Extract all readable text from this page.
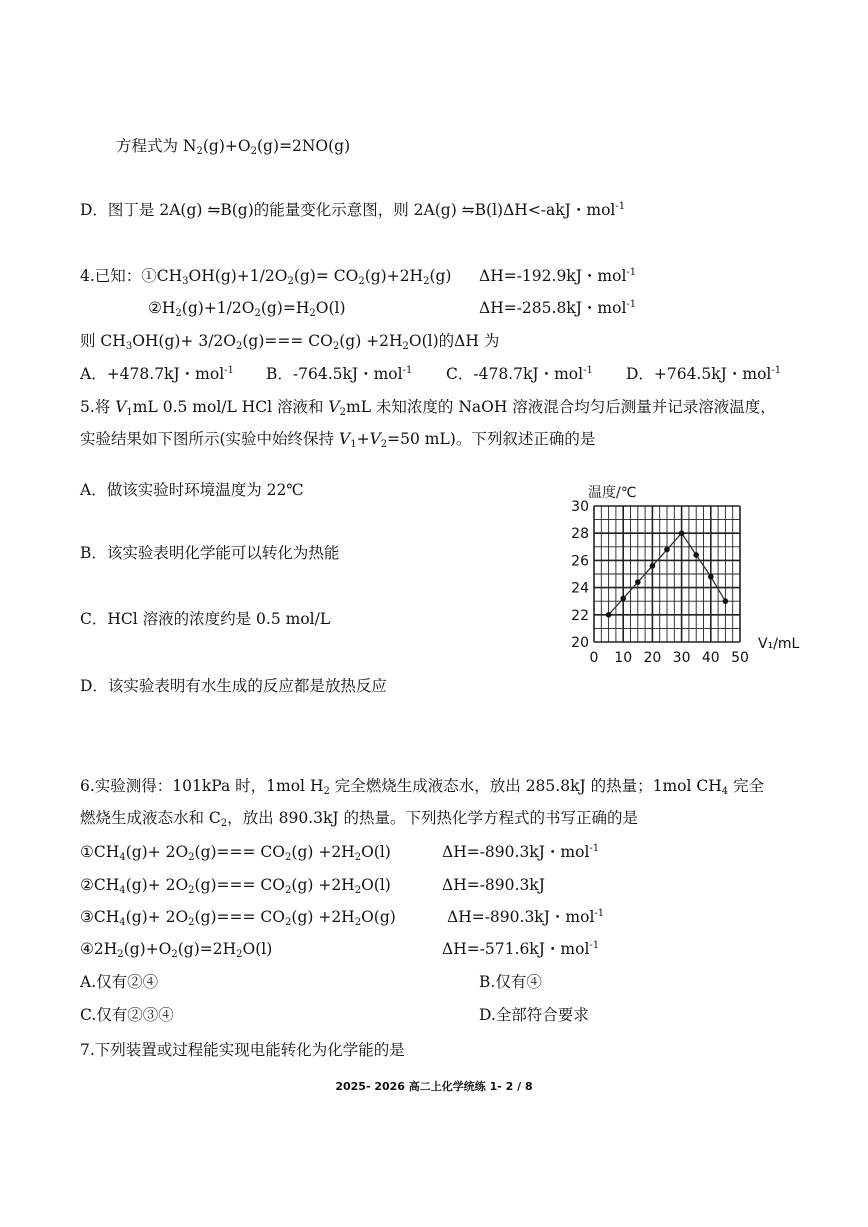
方程式为 $N_2(g)+O_2(g)=2NO(g)$
D．图丁是 2A(g) ⇋B(g)的能量变化示意图，则 2A(g) ⇋B(l)ΔH<-akJ・mol$^{-1}$
4.已知：$①CH_3OH(g)+1/2O_2(g)= CO_2(g)+2H_2(g)$ ΔH=-192.9kJ・mol$^{-1}$
$②H_2(g)+1/2O_2(g)=H_2O(l)$	ΔH=-285.8kJ・mol$^{-1}$
则 $CH_3OH(g)+ 3/2O_2(g)=== CO_2(g) +2H_2O(l)$的ΔH 为
A．+478.7kJ・mol$^{-1}$ B．-764.5kJ・mol$^{-1}$ C．-478.7kJ・mol$^{-1}$ D．+764.5kJ・mol$^{-1}$
5.将 $V_1mL$ 0.5 mol/L HCl 溶液和 $V_2mL$ 未知浓度的 NaOH 溶液混合均匀后测量并记录溶液温度，
实验结果如下图所示(实验中始终保持 $V_1+V_2=50$ mL)。下列叙述正确的是
A．做该实验时环境温度为 22℃
B．该实验表明化学能可以转化为热能
C．HCl 溶液的浓度约是 0.5 mol/L
D．该实验表明有水生成的反应都是放热反应
0 10 20 30 40 50
20
22
24
26
28
30
温度/℃
V₁/mL
6.实验测得：101kPa 时，1mol $H_2$ 完全燃烧生成液态水，放出 285.8kJ 的热量；1mol $CH_4$ 完全
燃烧生成液态水和 $C_2$，放出 890.3kJ 的热量。下列热化学方程式的书写正确的是
$①CH_4(g)+ 2O_2(g)=== CO_2(g) +2H_2O(l)$	ΔH=-890.3kJ・mol$^{-1}$
$②CH_4(g)+ 2O_2(g)=== CO_2(g) +2H_2O(l)$	ΔH=-890.3kJ
$③CH_4(g)+ 2O_2(g)=== CO_2(g) +2H_2O(g)$	ΔH=-890.3kJ・mol$^{-1}$
$④2H_2(g)+O_2(g)=2H_2O(l)$	ΔH=-571.6kJ・mol$^{-1}$
A.仅有②④	B.仅有④
C.仅有②③④	D.全部符合要求
7.下列装置或过程能实现电能转化为化学能的是
2025- 2026 高二上化学统练 1- 2 / 8
